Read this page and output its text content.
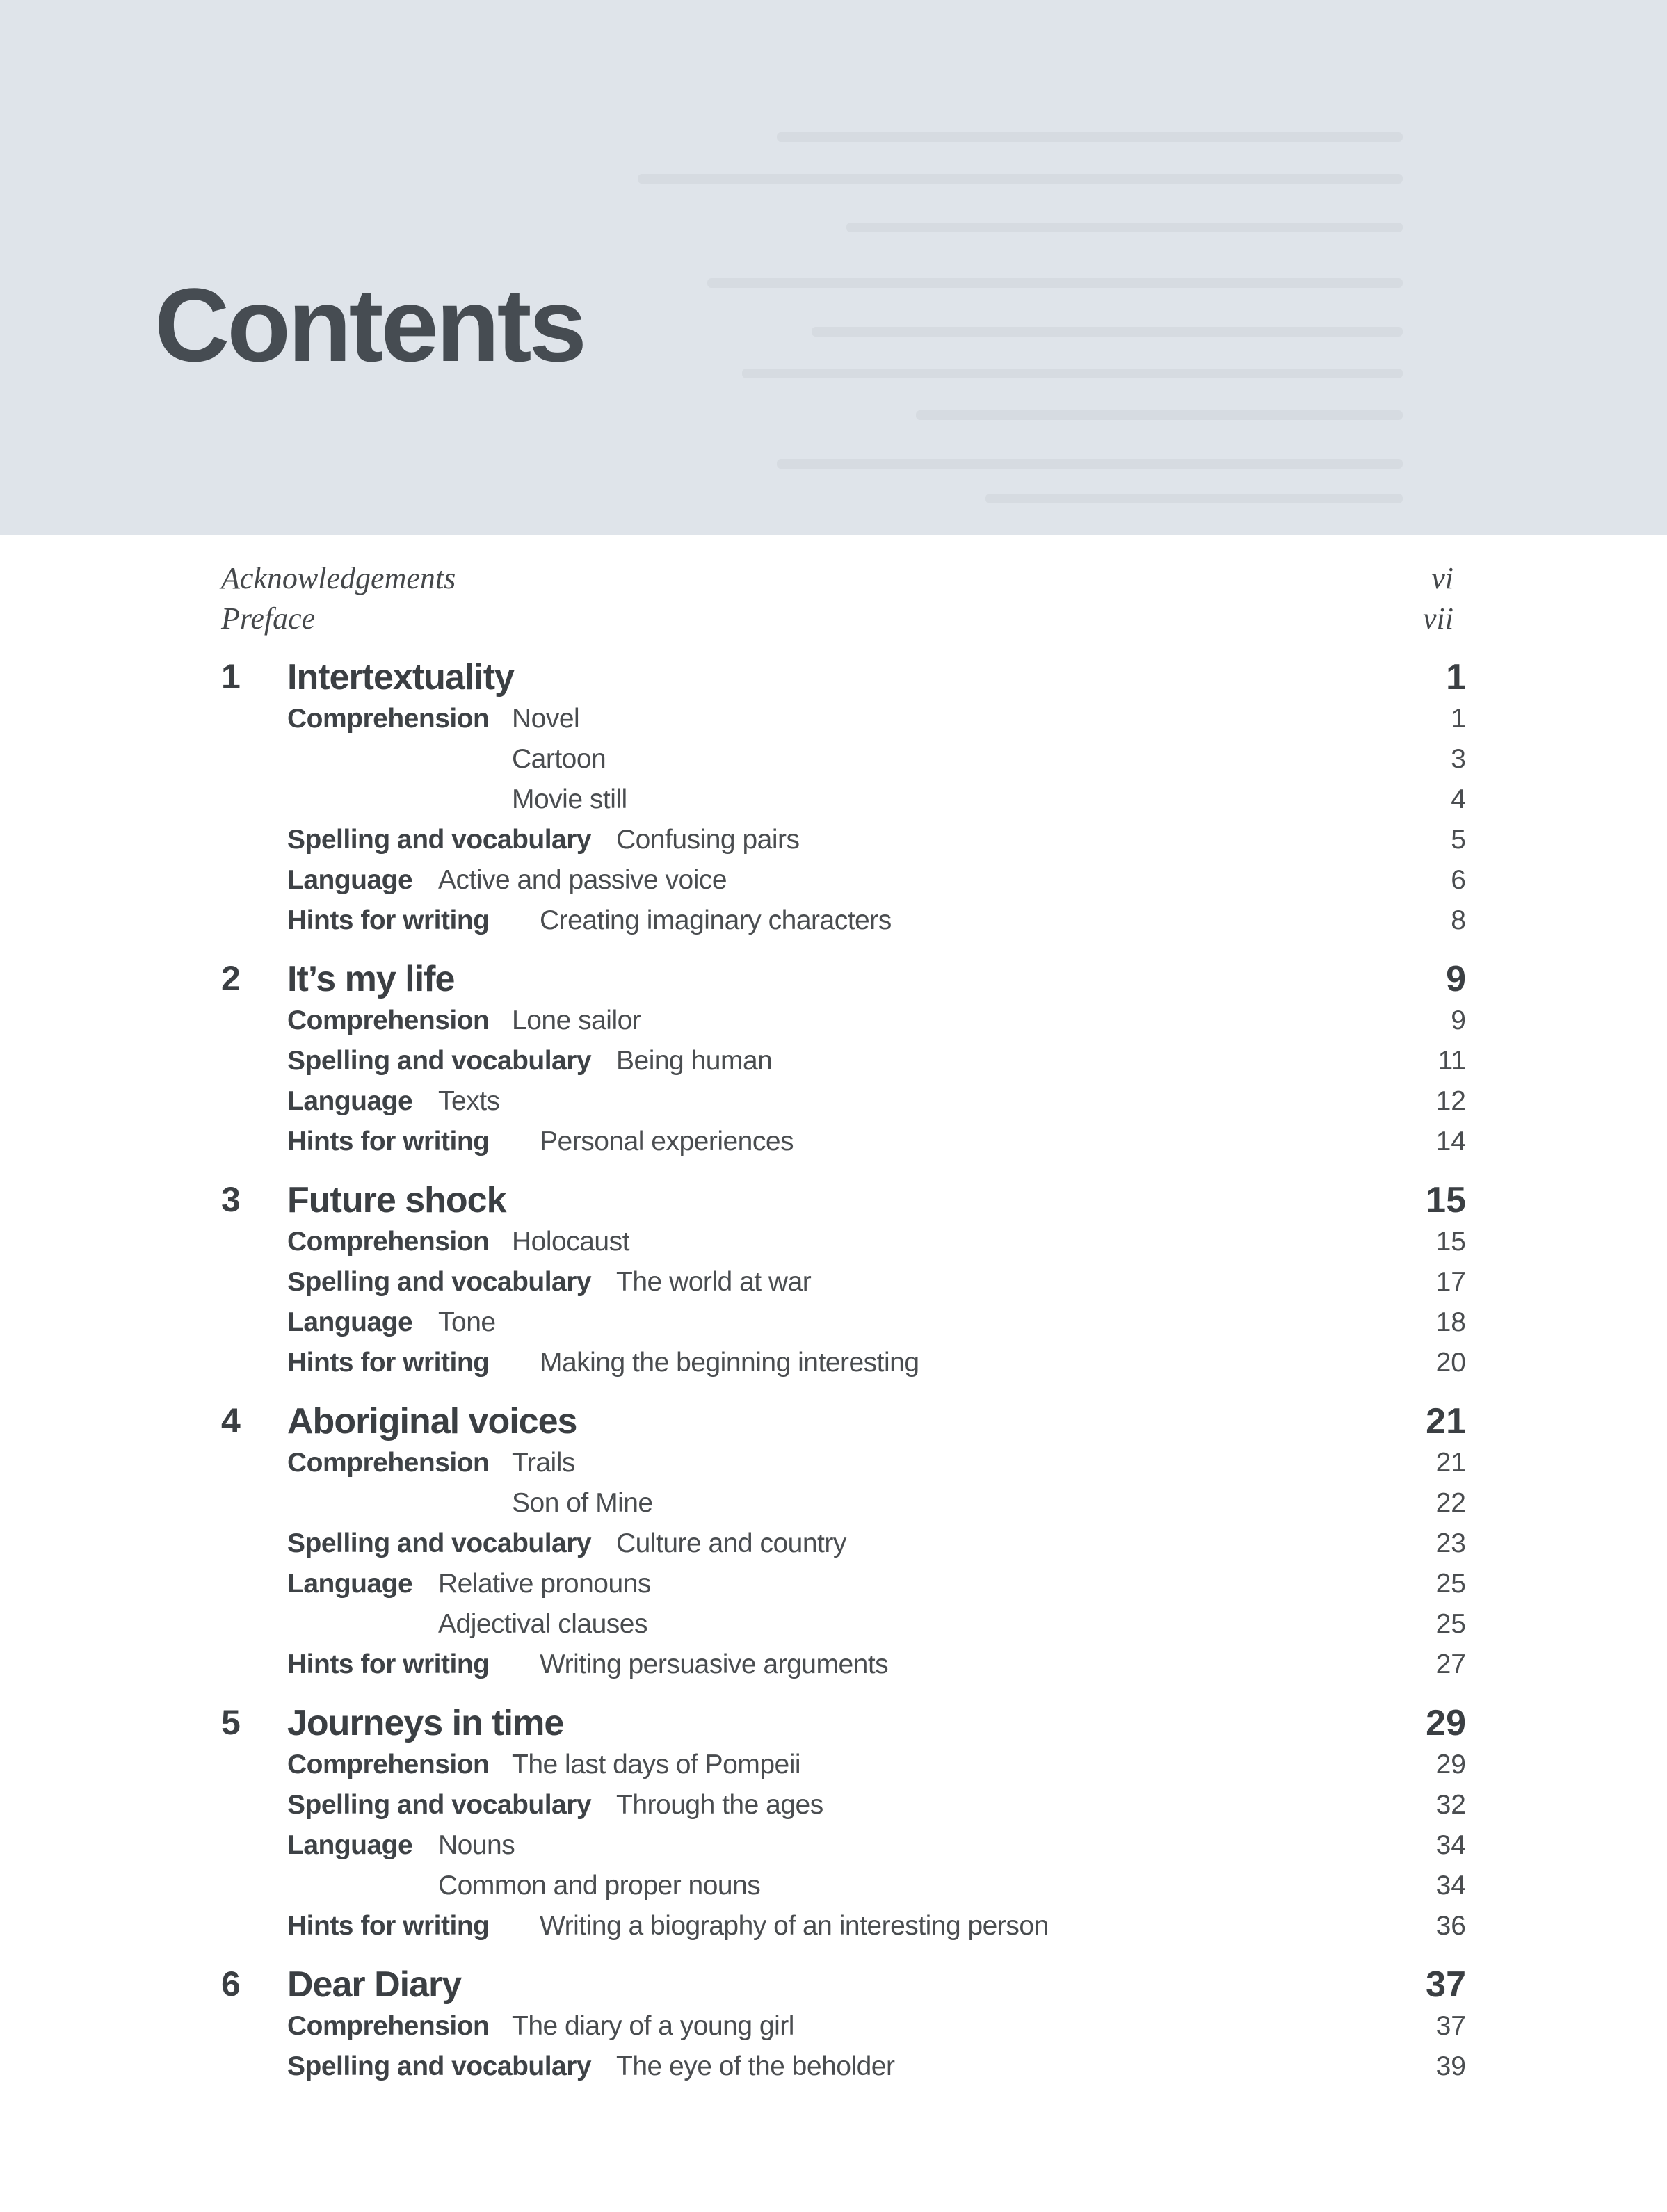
Contents
Acknowledgements	vi
Preface	vii
1 Intertextuality	1
Comprehension Novel	1
Cartoon	3
Movie still	4
Spelling and vocabulary Confusing pairs	5
Language Active and passive voice	6
Hints for writing Creating imaginary characters	8
2 It’s my life	9
Comprehension Lone sailor	9
Spelling and vocabulary Being human	11
Language Texts	12
Hints for writing Personal experiences	14
3 Future shock	15
Comprehension Holocaust	15
Spelling and vocabulary The world at war	17
Language Tone	18
Hints for writing Making the beginning interesting	20
4 Aboriginal voices	21
Comprehension Trails	21
Son of Mine	22
Spelling and vocabulary Culture and country	23
Language Relative pronouns	25
Adjectival clauses	25
Hints for writing Writing persuasive arguments	27
5 Journeys in time	29
Comprehension The last days of Pompeii	29
Spelling and vocabulary Through the ages	32
Language Nouns	34
Common and proper nouns	34
Hints for writing Writing a biography of an interesting person	36
6 Dear Diary	37
Comprehension The diary of a young girl	37
Spelling and vocabulary The eye of the beholder	39
